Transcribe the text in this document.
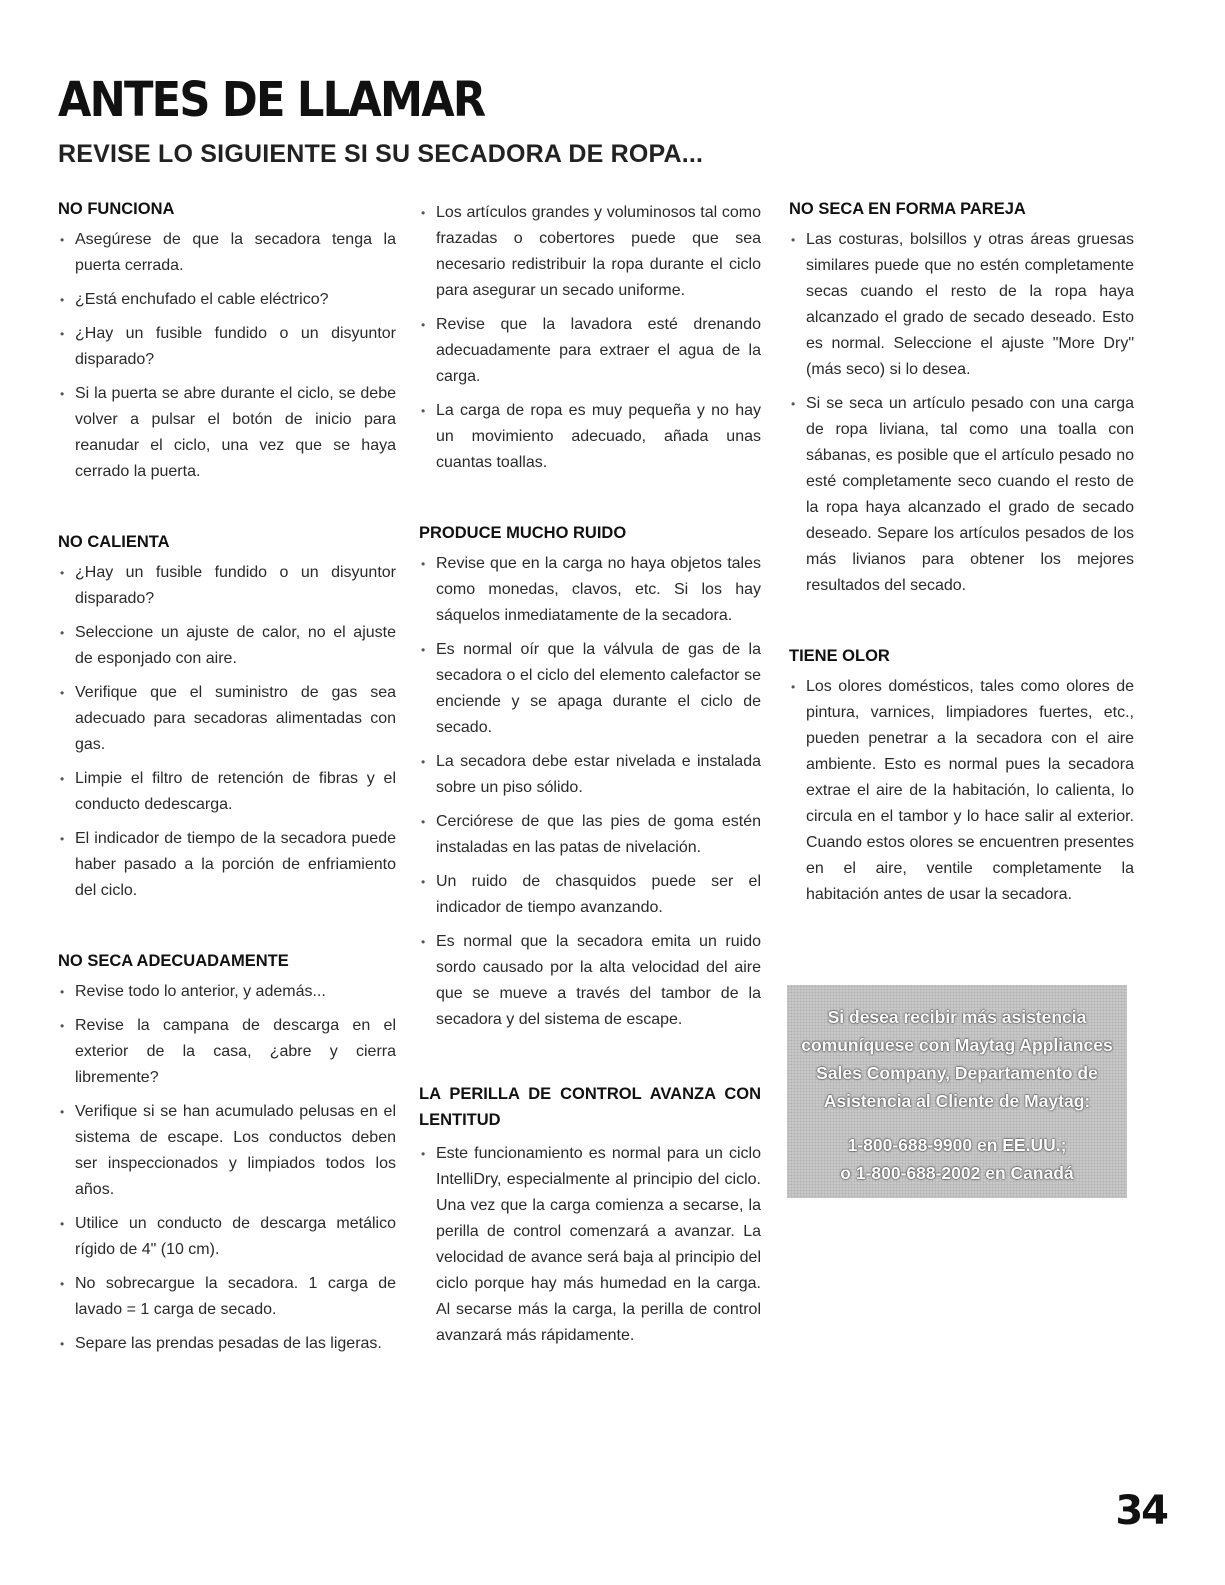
ANTES DE LLAMAR
REVISE LO SIGUIENTE SI SU SECADORA DE ROPA...
NO FUNCIONA
• Asegúrese de que la secadora tenga la puerta cerrada.
• ¿Está enchufado el cable eléctrico?
• ¿Hay un fusible fundido o un disyuntor disparado?
• Si la puerta se abre durante el ciclo, se debe volver a pulsar el botón de inicio para reanudar el ciclo, una vez que se haya cerrado la puerta.
NO CALIENTA
• ¿Hay un fusible fundido o un disyuntor disparado?
• Seleccione un ajuste de calor, no el ajuste de esponjado con aire.
• Verifique que el suministro de gas sea adecuado para secadoras alimentadas con gas.
• Limpie el filtro de retención de fibras y el conducto dedescarga.
• El indicador de tiempo de la secadora puede haber pasado a la porción de enfriamiento del ciclo.
NO SECA ADECUADAMENTE
• Revise todo lo anterior, y además...
• Revise la campana de descarga en el exterior de la casa, ¿abre y cierra libremente?
• Verifique si se han acumulado pelusas en el sistema de escape. Los conductos deben ser inspeccionados y limpiados todos los años.
• Utilice un conducto de descarga metálico rígido de 4" (10 cm).
• No sobrecargue la secadora. 1 carga de lavado = 1 carga de secado.
• Separe las prendas pesadas de las ligeras.
• Los artículos grandes y voluminosos tal como frazadas o cobertores puede que sea necesario redistribuir la ropa durante el ciclo para asegurar un secado uniforme.
• Revise que la lavadora esté drenando adecuadamente para extraer el agua de la carga.
• La carga de ropa es muy pequeña y no hay un movimiento adecuado, añada unas cuantas toallas.
PRODUCE MUCHO RUIDO
• Revise que en la carga no haya objetos tales como monedas, clavos, etc. Si los hay sáquelos inmediatamente de la secadora.
• Es normal oír que la válvula de gas de la secadora o el ciclo del elemento calefactor se enciende y se apaga durante el ciclo de secado.
• La secadora debe estar nivelada e instalada sobre un piso sólido.
• Cerciórese de que las pies de goma estén instaladas en las patas de nivelación.
• Un ruido de chasquidos puede ser el indicador de tiempo avanzando.
• Es normal que la secadora emita un ruido sordo causado por la alta velocidad del aire que se mueve a través del tambor de la secadora y del sistema de escape.
LA PERILLA DE CONTROL AVANZA CON LENTITUD
• Este funcionamiento es normal para un ciclo IntelliDry, especialmente al principio del ciclo. Una vez que la carga comienza a secarse, la perilla de control comenzará a avanzar. La velocidad de avance será baja al principio del ciclo porque hay más humedad en la carga. Al secarse más la carga, la perilla de control avanzará más rápidamente.
NO SECA EN FORMA PAREJA
• Las costuras, bolsillos y otras áreas gruesas similares puede que no estén completamente secas cuando el resto de la ropa haya alcanzado el grado de secado deseado. Esto es normal. Seleccione el ajuste "More Dry" (más seco) si lo desea.
• Si se seca un artículo pesado con una carga de ropa liviana, tal como una toalla con sábanas, es posible que el artículo pesado no esté completamente seco cuando el resto de la ropa haya alcanzado el grado de secado deseado. Separe los artículos pesados de los más livianos para obtener los mejores resultados del secado.
TIENE OLOR
• Los olores domésticos, tales como olores de pintura, varnices, limpiadores fuertes, etc., pueden penetrar a la secadora con el aire ambiente. Esto es normal pues la secadora extrae el aire de la habitación, lo calienta, lo circula en el tambor y lo hace salir al exterior. Cuando estos olores se encuentren presentes en el aire, ventile completamente la habitación antes de usar la secadora.

Si desea recibir más asistencia

comuníquese con Maytag Appliances

Sales Company, Departamento de

Asistencia al Cliente de Maytag:

1-800-688-9900 en EE.UU.;

o 1-800-688-2002 en Canadá

34
